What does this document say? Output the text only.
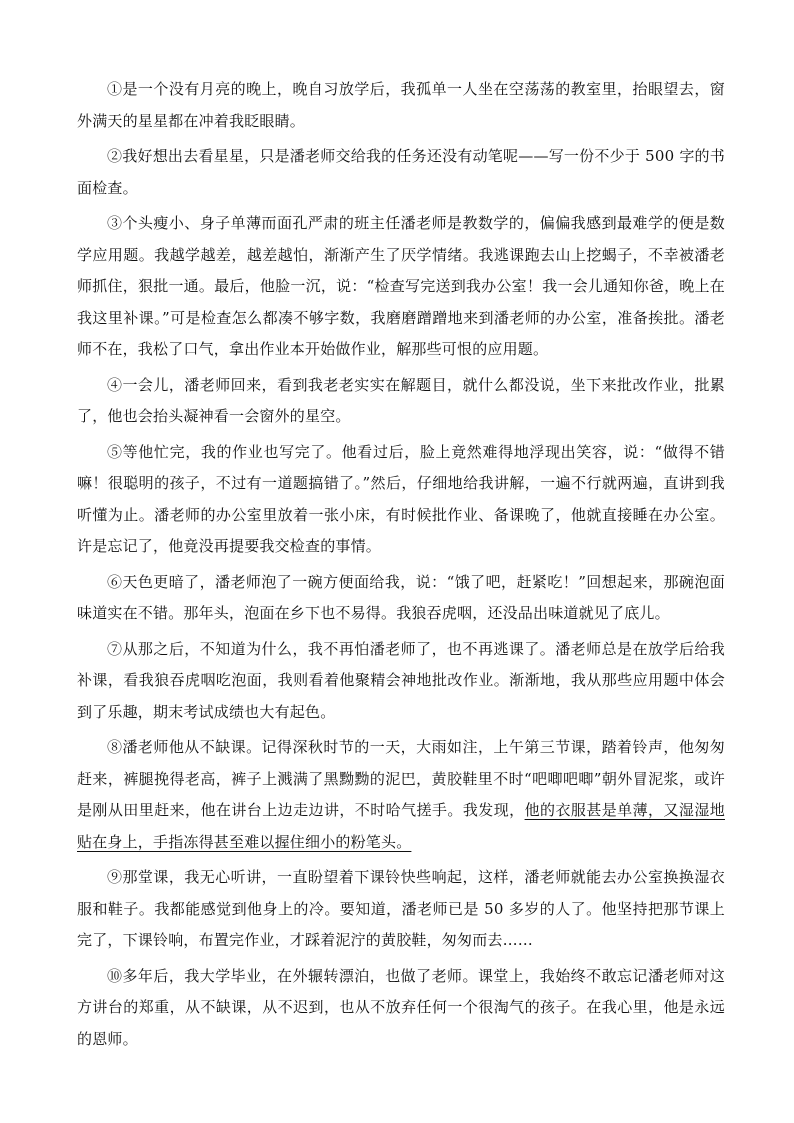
①是一个没有月亮的晚上，晚自习放学后，我孤单一人坐在空荡荡的教室里，抬眼望去，窗外满天的星星都在冲着我眨眼睛。

②我好想出去看星星，只是潘老师交给我的任务还没有动笔呢——写一份不少于 500 字的书面检查。

③个头瘦小、身子单薄而面孔严肃的班主任潘老师是教数学的，偏偏我感到最难学的便是数学应用题。我越学越差，越差越怕，渐渐产生了厌学情绪。我逃课跑去山上挖蝎子，不幸被潘老师抓住，狠批一通。最后，他脸一沉，说：“检查写完送到我办公室！我一会儿通知你爸，晚上在我这里补课。”可是检查怎么都凑不够字数，我磨磨蹭蹭地来到潘老师的办公室，准备挨批。潘老师不在，我松了口气，拿出作业本开始做作业，解那些可恨的应用题。

④一会儿，潘老师回来，看到我老老实实在解题目，就什么都没说，坐下来批改作业，批累了，他也会抬头凝神看一会窗外的星空。

⑤等他忙完，我的作业也写完了。他看过后，脸上竟然难得地浮现出笑容，说：“做得不错嘛！很聪明的孩子，不过有一道题搞错了。”然后，仔细地给我讲解，一遍不行就两遍，直讲到我听懂为止。潘老师的办公室里放着一张小床，有时候批作业、备课晚了，他就直接睡在办公室。许是忘记了，他竟没再提要我交检查的事情。

⑥天色更暗了，潘老师泡了一碗方便面给我，说：“饿了吧，赶紧吃！”回想起来，那碗泡面味道实在不错。那年头，泡面在乡下也不易得。我狼吞虎咽，还没品出味道就见了底儿。

⑦从那之后，不知道为什么，我不再怕潘老师了，也不再逃课了。潘老师总是在放学后给我补课，看我狼吞虎咽吃泡面，我则看着他聚精会神地批改作业。渐渐地，我从那些应用题中体会到了乐趣，期末考试成绩也大有起色。

⑧潘老师他从不缺课。记得深秋时节的一天，大雨如注，上午第三节课，踏着铃声，他匆匆赶来，裤腿挽得老高，裤子上溅满了黑黝黝的泥巴，黄胶鞋里不时“吧唧吧唧”朝外冒泥浆，或许是刚从田里赶来，他在讲台上边走边讲，不时哈气搓手。我发现，他的衣服甚是单薄，又湿湿地贴在身上，手指冻得甚至难以握住细小的粉笔头。

⑨那堂课，我无心听讲，一直盼望着下课铃快些响起，这样，潘老师就能去办公室换换湿衣服和鞋子。我都能感觉到他身上的冷。要知道，潘老师已是 50 多岁的人了。他坚持把那节课上完了，下课铃响，布置完作业，才踩着泥泞的黄胶鞋，匆匆而去……

⑩多年后，我大学毕业，在外辗转漂泊，也做了老师。课堂上，我始终不敢忘记潘老师对这方讲台的郑重，从不缺课，从不迟到，也从不放弃任何一个很淘气的孩子。在我心里，他是永远的恩师。
